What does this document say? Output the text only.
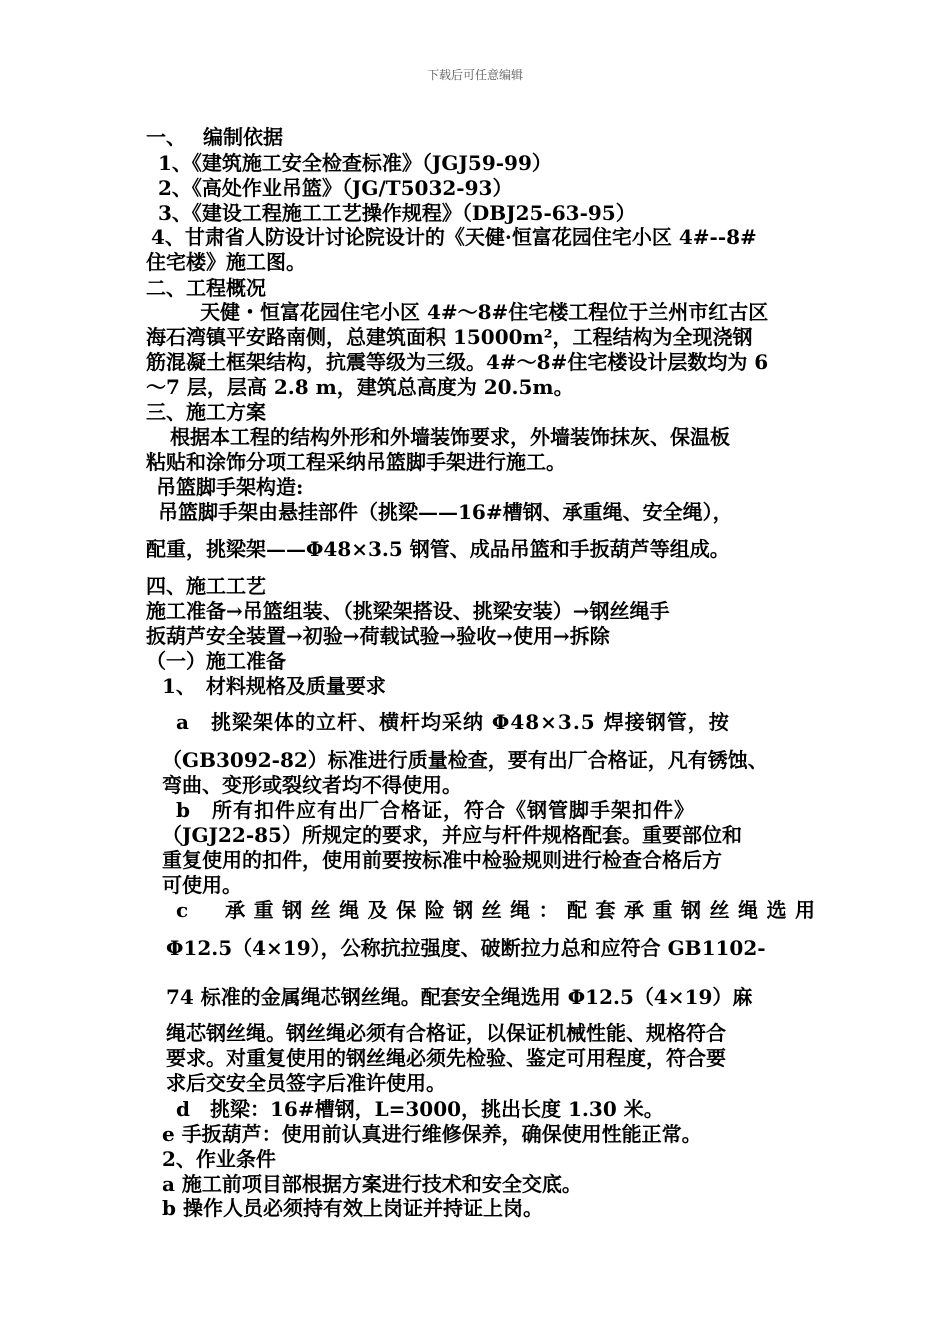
下载后可任意编辑
一、　 编制依据
1、《建筑施工安全检查标准》（JGJ59-99）
2、《高处作业吊篮》（JG/T5032-93）
3、《建设工程施工工艺操作规程》（DBJ25-63-95）
4、甘肃省人防设计讨论院设计的《天健·恒富花园住宅小区 4#--8#
住宅楼》施工图。
二、工程概况
天健・恒富花园住宅小区 4#～8#住宅楼工程位于兰州市红古区
海石湾镇平安路南侧，总建筑面积 15000m²，工程结构为全现浇钢
筋混凝土框架结构，抗震等级为三级。4#～8#住宅楼设计层数均为 6
～7 层，层高 2.8 m，建筑总高度为 20.5m。
三、施工方案
根据本工程的结构外形和外墙装饰要求，外墙装饰抹灰、保温板
粘贴和涂饰分项工程采纳吊篮脚手架进行施工。
吊篮脚手架构造:
吊篮脚手架由悬挂部件（挑梁——16#槽钢、承重绳、安全绳），
配重，挑梁架——Φ48×3.5 钢管、成品吊篮和手扳葫芦等组成。
四、施工工艺
施工准备→吊篮组装、（挑梁架搭设、挑梁安装）→钢丝绳手
扳葫芦安全装置→初验→荷载试验→验收→使用→拆除
（一）施工准备
1、　材料规格及质量要求
a　挑梁架体的立杆、横杆均采纳 Φ48×3.5 焊接钢管，按
（GB3092-82）标准进行质量检查，要有出厂合格证，凡有锈蚀、
弯曲、变形或裂纹者均不得使用。
b　所有扣件应有出厂合格证，符合《钢管脚手架扣件》
（JGJ22-85）所规定的要求，并应与杆件规格配套。重要部位和
重复使用的扣件，使用前要按标准中检验规则进行检查合格后方
可使用。
c　承重钢丝绳及保险钢丝绳：配套承重钢丝绳选用
Φ12.5（4×19），公称抗拉强度、破断拉力总和应符合 GB1102-
74 标准的金属绳芯钢丝绳。配套安全绳选用 Φ12.5（4×19）麻
绳芯钢丝绳。钢丝绳必须有合格证，以保证机械性能、规格符合
要求。对重复使用的钢丝绳必须先检验、鉴定可用程度，符合要
求后交安全员签字后准许使用。
d　挑梁：16#槽钢，L=3000，挑出长度 1.30 米。
e 手扳葫芦：使用前认真进行维修保养，确保使用性能正常。
2、作业条件
a 施工前项目部根据方案进行技术和安全交底。
b 操作人员必须持有效上岗证并持证上岗。
